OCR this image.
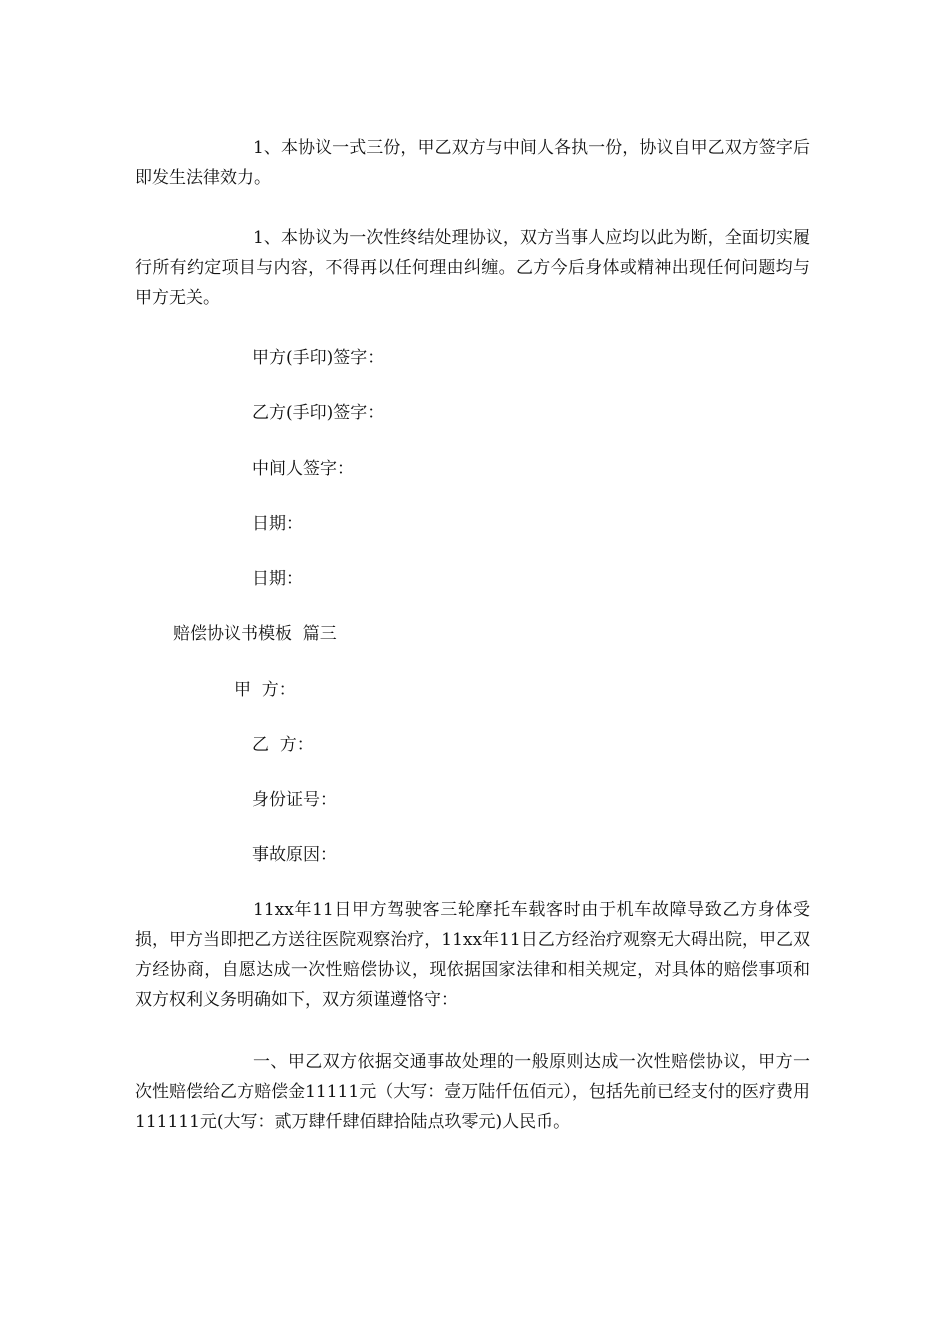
1、本协议一式三份，甲乙双方与中间人各执一份，协议自甲乙双方签字后即发生法律效力。

1、本协议为一次性终结处理协议，双方当事人应均以此为断，全面切实履行所有约定项目与内容，不得再以任何理由纠缠。乙方今后身体或精神出现任何问题均与甲方无关。

甲方(手印)签字：

乙方(手印)签字：

中间人签字：

日期：

日期：

赔偿协议书模板  篇三

甲  方：

乙  方：

身份证号：

事故原因：

11xx年11日甲方驾驶客三轮摩托车载客时由于机车故障导致乙方身体受损，甲方当即把乙方送往医院观察治疗，11xx年11日乙方经治疗观察无大碍出院，甲乙双方经协商，自愿达成一次性赔偿协议，现依据国家法律和相关规定，对具体的赔偿事项和双方权利义务明确如下，双方须谨遵恪守：

一、甲乙双方依据交通事故处理的一般原则达成一次性赔偿协议，甲方一次性赔偿给乙方赔偿金11111元（大写：壹万陆仟伍佰元），包括先前已经支付的医疗费用111111元(大写：贰万肆仟肆佰肆拾陆点玖零元)人民币。
